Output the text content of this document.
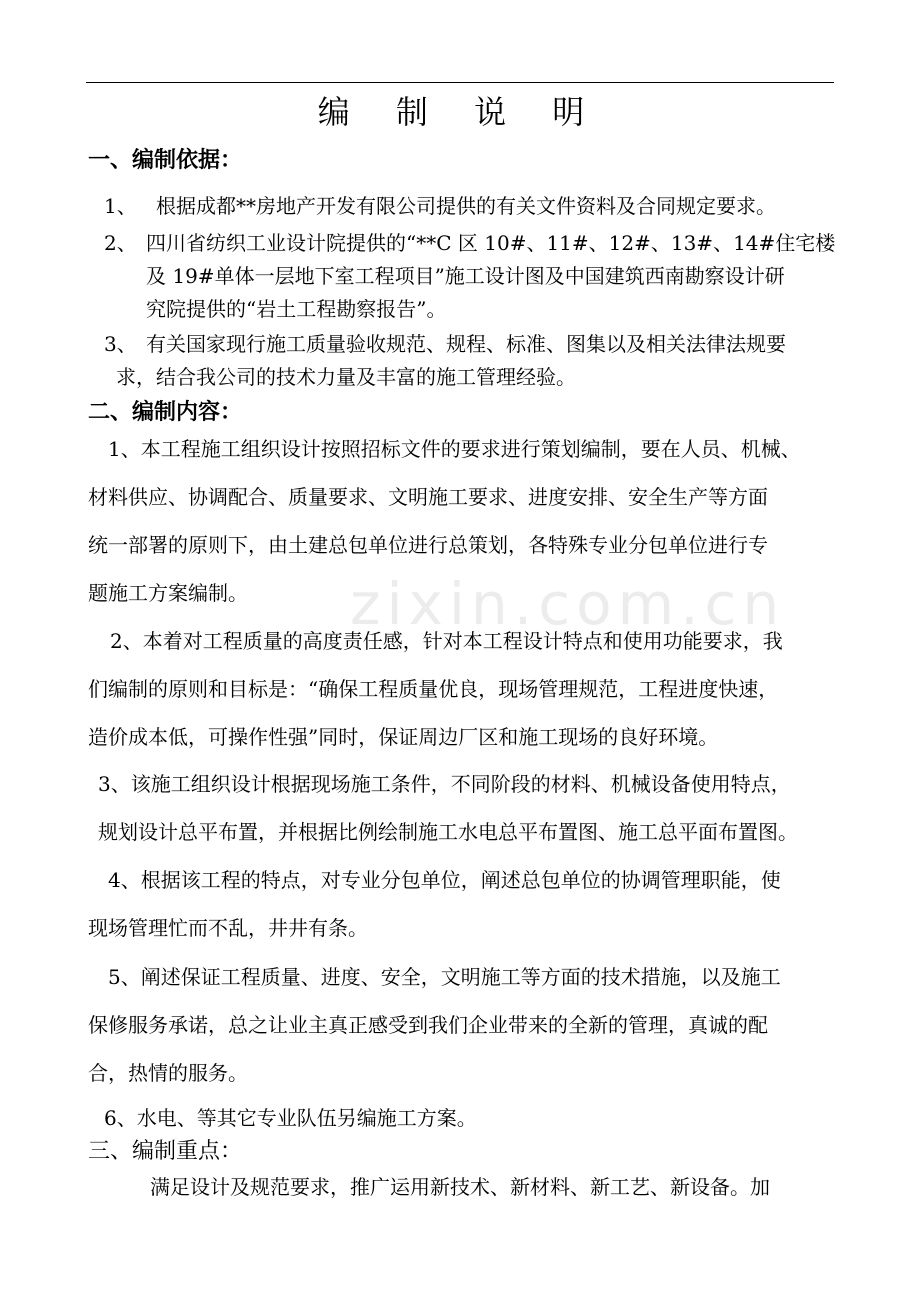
zixin.com.cn
编 制 说 明
一、编制依据：
1、 根据成都**房地产开发有限公司提供的有关文件资料及合同规定要求。
2、 四川省纺织工业设计院提供的“**C 区 10#、11#、12#、13#、14#住宅楼
及 19#单体一层地下室工程项目”施工设计图及中国建筑西南勘察设计研
究院提供的“岩土工程勘察报告”。
3、 有关国家现行施工质量验收规范、规程、标准、图集以及相关法律法规要
求，结合我公司的技术力量及丰富的施工管理经验。
二、编制内容：
1、本工程施工组织设计按照招标文件的要求进行策划编制，要在人员、机械、
材料供应、协调配合、质量要求、文明施工要求、进度安排、安全生产等方面
统一部署的原则下，由土建总包单位进行总策划，各特殊专业分包单位进行专
题施工方案编制。
2、本着对工程质量的高度责任感，针对本工程设计特点和使用功能要求，我
们编制的原则和目标是：“确保工程质量优良，现场管理规范，工程进度快速，
造价成本低，可操作性强”同时，保证周边厂区和施工现场的良好环境。
3、该施工组织设计根据现场施工条件，不同阶段的材料、机械设备使用特点，
规划设计总平布置，并根据比例绘制施工水电总平布置图、施工总平面布置图。
4、根据该工程的特点，对专业分包单位，阐述总包单位的协调管理职能，使
现场管理忙而不乱，井井有条。
5、阐述保证工程质量、进度、安全，文明施工等方面的技术措施，以及施工
保修服务承诺，总之让业主真正感受到我们企业带来的全新的管理，真诚的配
合，热情的服务。
6、水电、等其它专业队伍另编施工方案。
三、编制重点：
满足设计及规范要求，推广运用新技术、新材料、新工艺、新设备。加
